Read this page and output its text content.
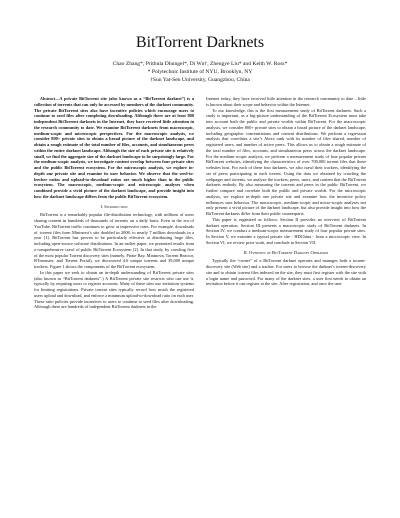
BitTorrent Darknets
Chao Zhang*, Prithula Dhungel*, Di Wu†, Zhengye Liu* and Keith W. Ross*
* Polytechnic Institute of NYU, Brooklyn, NY
†Sun Yat-Sen University, Guangzhou, China

Abstract—A private BitTorrent site (also known as a “BitTorrent darknet”) is a collection of torrents that can only be accessed by members of the darknet community. The private BitTorrent sites also have incentive policies which encourage users to continue to seed files after completing downloading. Although there are at least 800 independent BitTorrent darknets in the Internet, they have received little attention in the research community to date. We examine BitTorrent darknets from macroscopic, medium-scopic and microscopic perspectives. For the macroscopic analysis, we consider 800+ private sites to obtain a broad picture of the darknet landscape, and obtain a rough estimate of the total number of files, accounts, and simultaneous peers within the entire darknet landscape. Although the size of each private site is relatively small, we find the aggregate size of the darknet landscape to be surprisingly large. For the medium-scopic analysis, we investigate content overlap between four private sites and the public BitTorrent ecosystem. For the microscopic analysis, we explore in-depth one private site and examine its user behavior. We observe that the seed-to-leecher ratios and upload-to-download ratios are much higher than in the public ecosystem. The macroscopic, medium-scopic and microscopic analyses when combined provide a vivid picture of the darknet landscape, and provide insight into how the darknet landscape differs from the public BitTorrent ecosystem.

I. Introduction

BitTorrent is a remarkably popular file-distribution technology, with millions of users sharing content in hundreds of thousands of torrents on a daily basis. Even in the era of YouTube, BitTorrent traffic continues to grow at impressive rates. For example, downloads of .torrent files from Mininova’s site doubled in 2008, to nearly 7 million downloads in a year [1]. BitTorrent has proven to be particularly effective at distributing large files, including open-source software distributions. In an earlier paper, we presented results from a comprehensive crawl of public BitTorrent Ecosystem [2]. In that study, by crawling five of the most popular Torrent discovery sites (namely, Pirate Bay, Mininova, Torrent Reactor, BTmonster, and Torrent Portal), we discovered 4.6 unique torrents and 39,000 unique trackers. Figure 1 shows the components of the BitTorrent ecosystem.

In this paper we seek to obtain an in-depth understanding of BitTorrent private sites (also known as “BitTorrent darknets”.) A BitTorrent private site restricts who can use it, typically by requiring users to register accounts. Many of these sites use invitation systems for limiting registrations. Private torrent sites typically record how much the registered users upload and download, and enforce a minimum upload-to-download ratio on each user. These ratio policies provide incentives to users to continue to seed files after downloading. Although there are hundreds of independent BitTorrent darknets in the

Internet today, they have received little attention in the research community to date – little is known about their scope and behavior within the Internet.

To our knowledge, this is the first measurement study of BitTorrent darknets. Such a study is important, as a big-picture understanding of the BitTorrent Ecosystem must take into account both the public and private worlds within BitTorrent. For the macroscopic analysis, we consider 800+ private sites to obtain a broad picture of the darknet landscape, including geographic concentrations and content distributions. We perform a regression analysis that correlates a site’s Alexa rank with its number of files shared, number of registered users, and number of active peers. This allows us to obtain a rough estimate of the total number of files, accounts, and simultaneous peers across the darknet landscape. For the medium-scopic analysis, we perform a measurement study of four popular private BitTorrent websites, identifying the characteristics of over 700,000 torrent files that these websites host. For each of these four darknets, we also crawl their trackers, identifying the set of peers participating in each torrent. Using the data we obtained by crawling the webpages and torrents, we analyze the trackers, peers, users, and content that the BitTorrent darknets embody. By also measuring the torrents and peers in the public BitTorrent, we further compare and correlate both the public and private worlds. For the microscopic analysis, we explore in-depth one private site and examine how the incentive policy influences user behavior. The macroscopic, medium-scopic and micro-scopic analyses not only present a vivid picture of the darknet landscape, but also provide insight into how the BitTorrent darknets differ from their public counterparts.

This paper is organized as follows: Section II provides an overview of BitTorrent darknet operation. Section III presents a macroscopic study of BitTorrent darknets. In Section IV, we conduct a medium-scopic measurement study of four popular private sites. In Section V, we examine a typical private site - HDChina - from a microscopic view. In Section VI, we review prior work, and conclude in Section VII.

II. Overview of BitTorrent Darknet Operation

Typically the “owner” of a BitTorrent darknet operates and manages both a torrent-discovery site (Web site) and a tracker. For users to browse the darknet’s torrent-discovery site and to obtain .torrent files indexed on the site, they must first register with the site with a login name and password. For many of the darknet sites, a user first needs to obtain an invitation before it can register at the site. After registration, and once the user
